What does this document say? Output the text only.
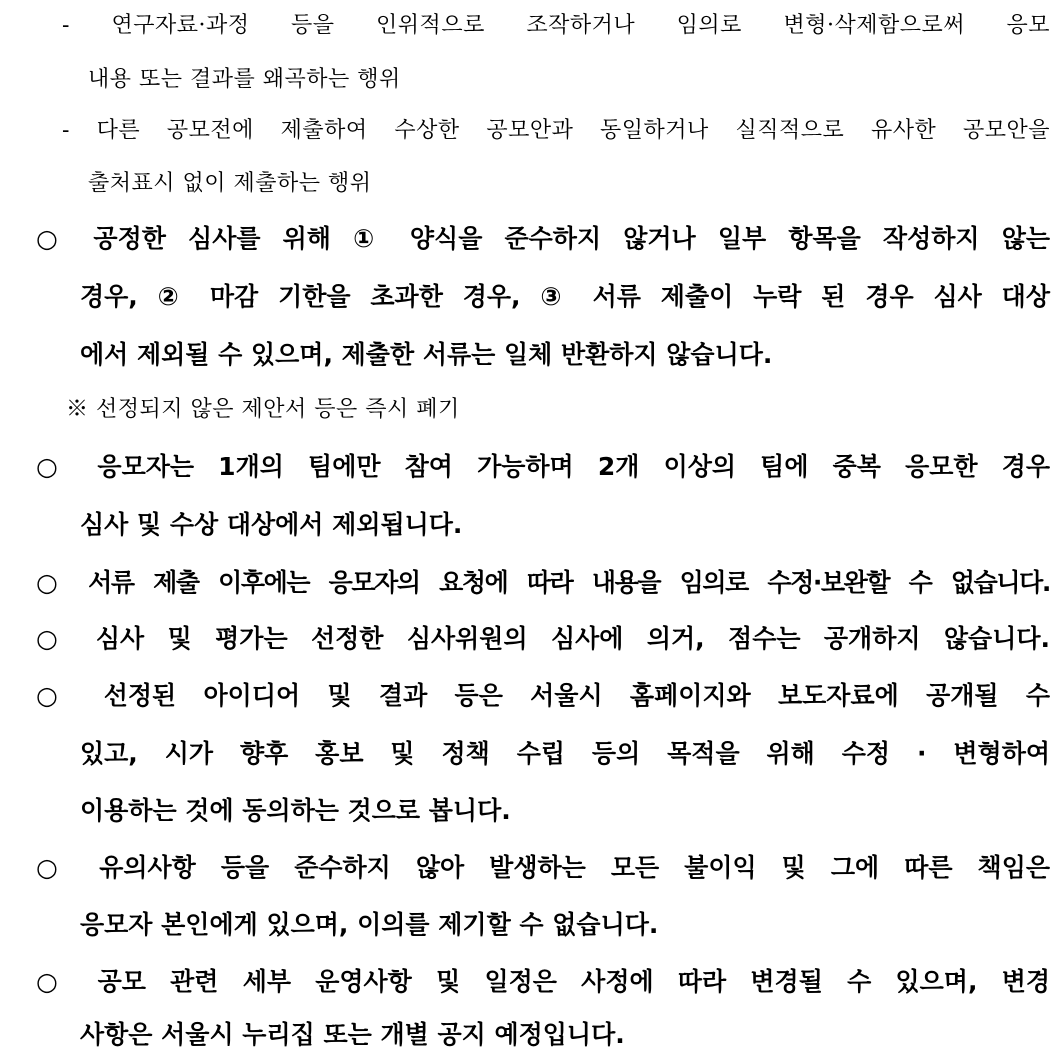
- 연구자료·과정 등을 인위적으로 조작하거나 임의로 변형·삭제함으로써 응모
내용 또는 결과를 왜곡하는 행위
- 다른 공모전에 제출하여 수상한 공모안과 동일하거나 실직적으로 유사한 공모안을
출처표시 없이 제출하는 행위
○ 공정한 심사를 위해 ① 양식을 준수하지 않거나 일부 항목을 작성하지 않는
경우, ② 마감 기한을 초과한 경우, ③ 서류 제출이 누락 된 경우 심사 대상
에서 제외될 수 있으며, 제출한 서류는 일체 반환하지 않습니다.
※ 선정되지 않은 제안서 등은 즉시 폐기
○ 응모자는 1개의 팀에만 참여 가능하며 2개 이상의 팀에 중복 응모한 경우
심사 및 수상 대상에서 제외됩니다.
○ 서류 제출 이후에는 응모자의 요청에 따라 내용을 임의로 수정·보완할 수 없습니다.
○ 심사 및 평가는 선정한 심사위원의 심사에 의거, 점수는 공개하지 않습니다.
○ 선정된 아이디어 및 결과 등은 서울시 홈페이지와 보도자료에 공개될 수
있고, 시가 향후 홍보 및 정책 수립 등의 목적을 위해 수정 · 변형하여
이용하는 것에 동의하는 것으로 봅니다.
○ 유의사항 등을 준수하지 않아 발생하는 모든 불이익 및 그에 따른 책임은
응모자 본인에게 있으며, 이의를 제기할 수 없습니다.
○ 공모 관련 세부 운영사항 및 일정은 사정에 따라 변경될 수 있으며, 변경
사항은 서울시 누리집 또는 개별 공지 예정입니다.
